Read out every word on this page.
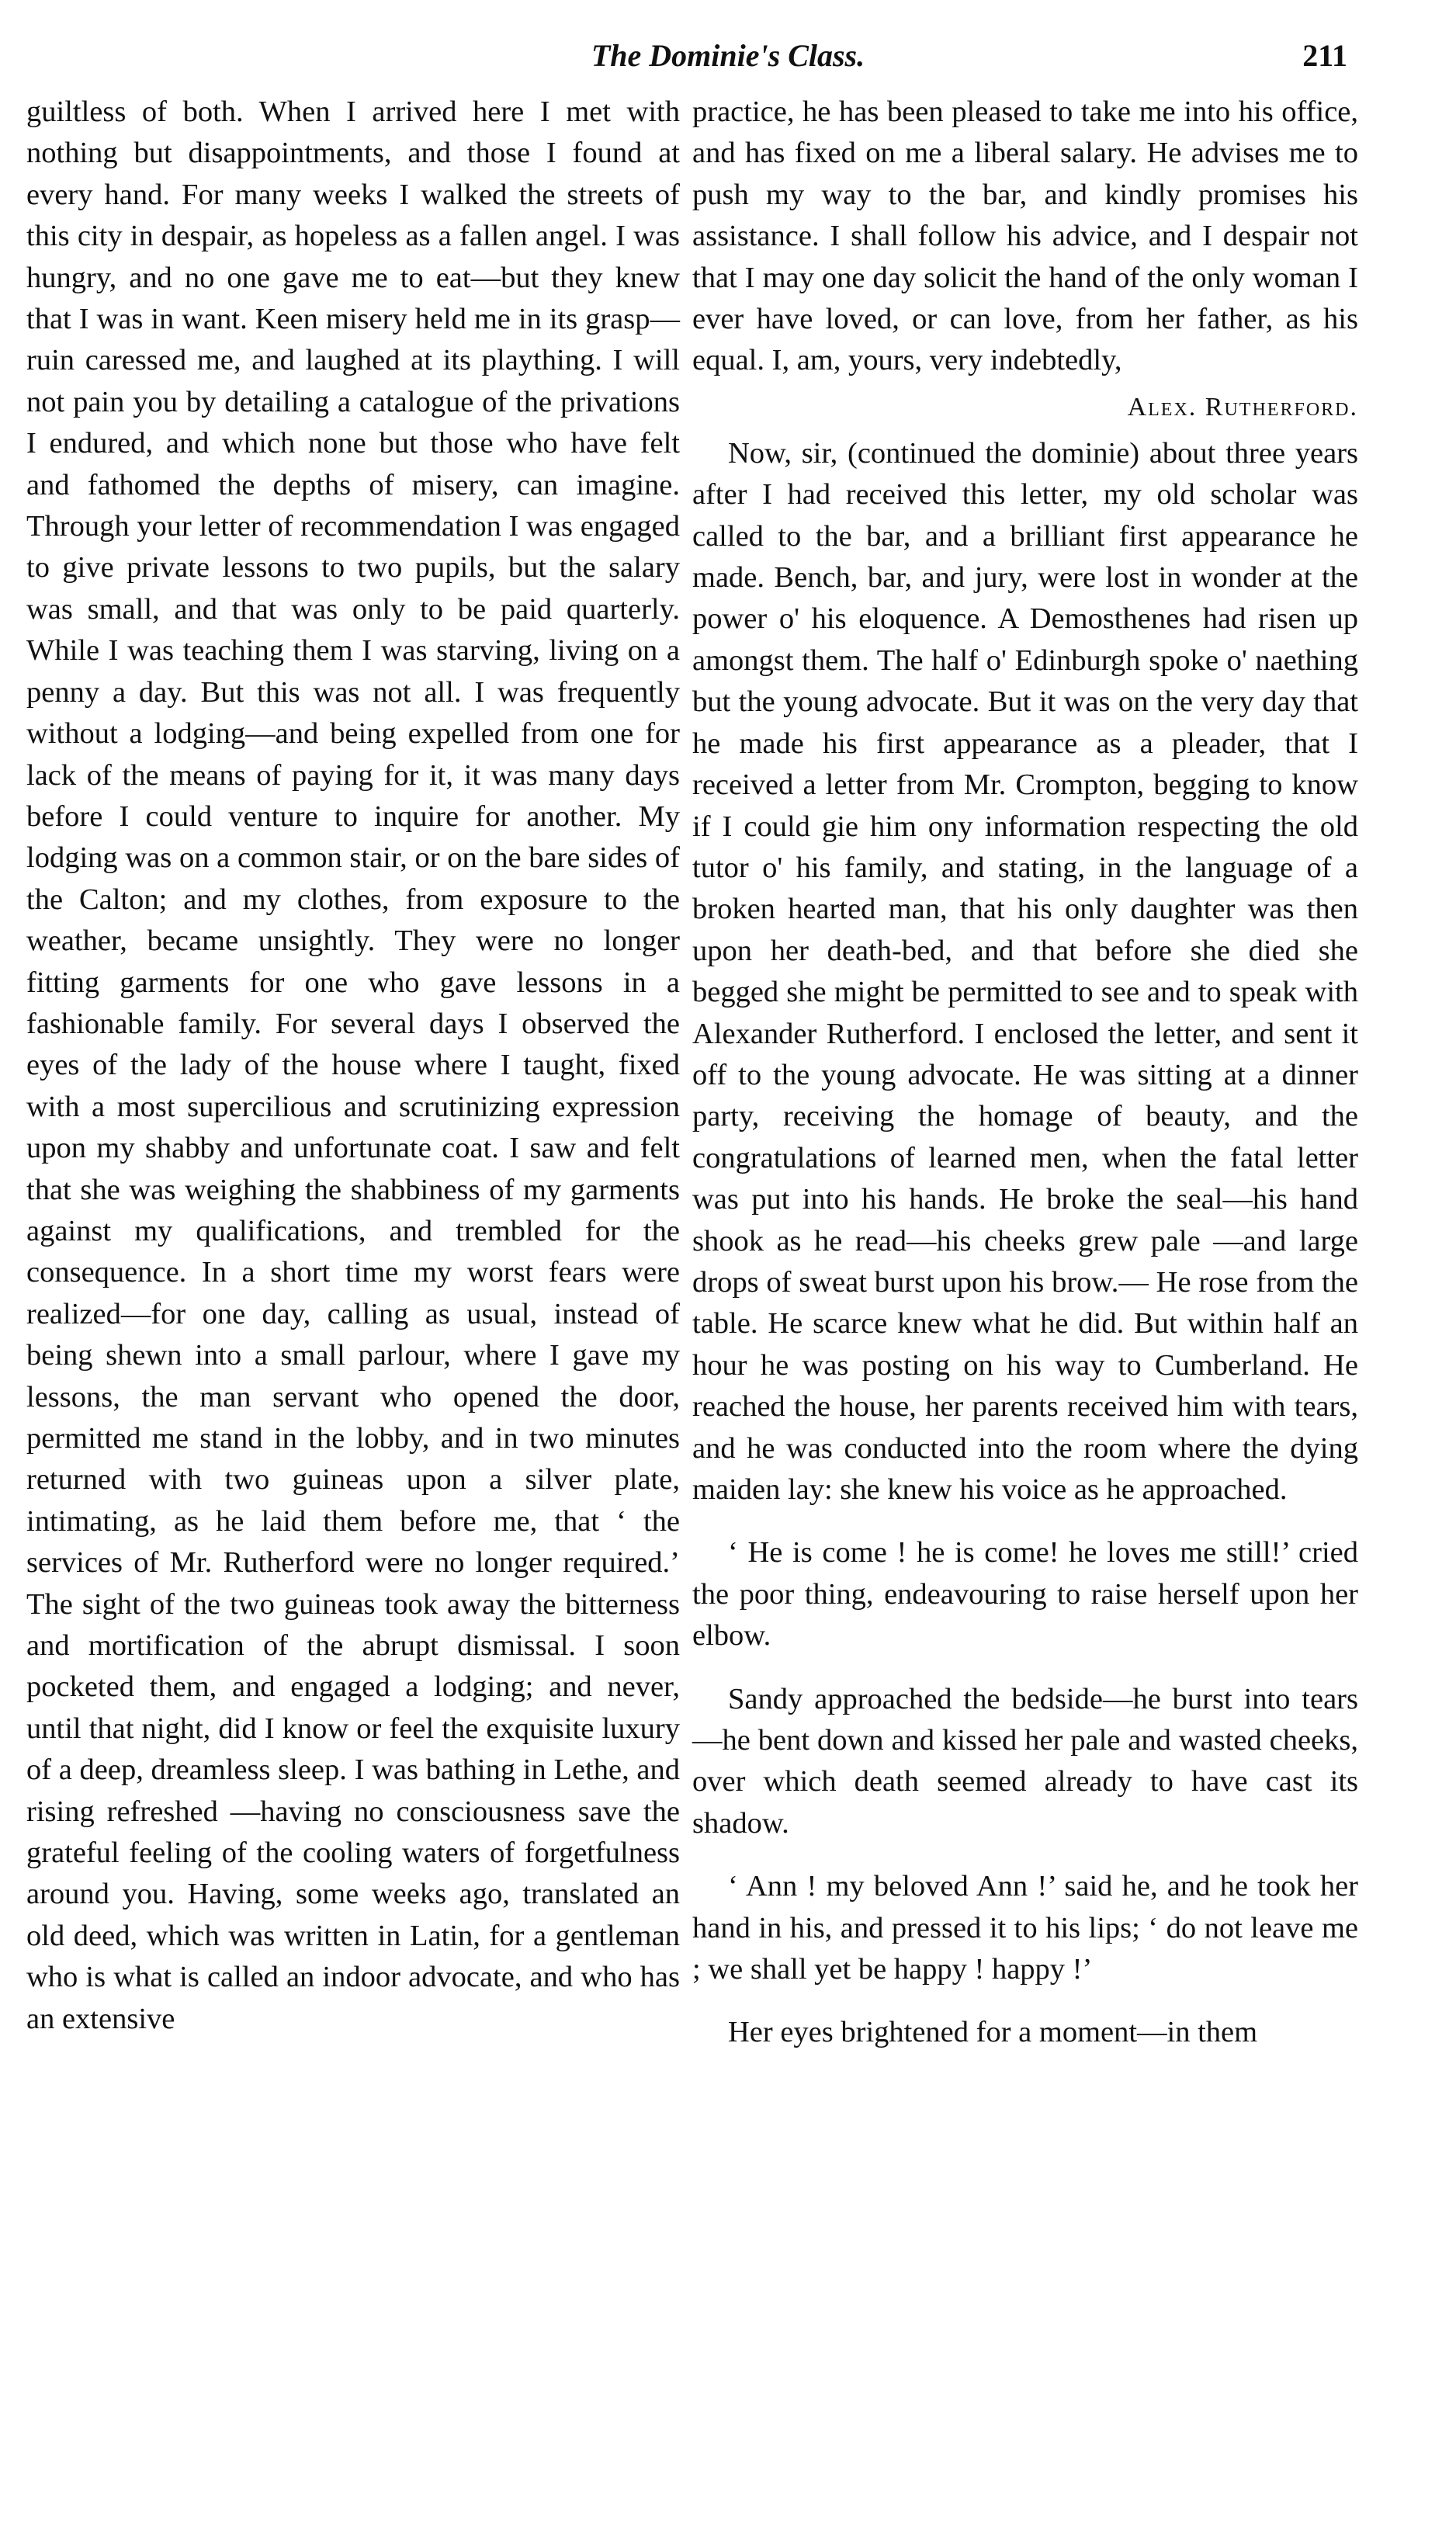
The Dominie's Class.	211

guiltless of both. When I arrived here I met with nothing but disappointments, and those I found at every hand. For many weeks I walked the streets of this city in despair, as hopeless as a fallen angel. I was hungry, and no one gave me to eat—but they knew that I was in want. Keen misery held me in its grasp—ruin caressed me, and laughed at its plaything. I will not pain you by detailing a catalogue of the privations I endured, and which none but those who have felt and fathomed the depths of misery, can imagine. Through your letter of recommendation I was engaged to give private lessons to two pupils, but the salary was small, and that was only to be paid quarterly. While I was teaching them I was starving, living on a penny a day. But this was not all. I was frequently without a lodging—and being expelled from one for lack of the means of paying for it, it was many days before I could venture to inquire for another. My lodging was on a common stair, or on the bare sides of the Calton; and my clothes, from exposure to the weather, became unsightly. They were no longer fitting garments for one who gave lessons in a fashionable family. For several days I observed the eyes of the lady of the house where I taught, fixed with a most supercilious and scrutinizing expression upon my shabby and unfortunate coat. I saw and felt that she was weighing the shabbiness of my garments against my qualifications, and trembled for the consequence. In a short time my worst fears were realized—for one day, calling as usual, instead of being shewn into a small parlour, where I gave my lessons, the man servant who opened the door, permitted me stand in the lobby, and in two minutes returned with two guineas upon a silver plate, intimating, as he laid them before me, that ‘ the services of Mr. Rutherford were no longer required.’ The sight of the two guineas took away the bitterness and mortification of the abrupt dismissal. I soon pocketed them, and engaged a lodging; and never, until that night, did I know or feel the exquisite luxury of a deep, dreamless sleep. I was bathing in Lethe, and rising refreshed —having no consciousness save the grateful feeling of the cooling waters of forgetfulness around you. Having, some weeks ago, translated an old deed, which was written in Latin, for a gentleman who is what is called an indoor advocate, and who has an extensive

practice, he has been pleased to take me into his office, and has fixed on me a liberal salary. He advises me to push my way to the bar, and kindly promises his assistance. I shall follow his advice, and I despair not that I may one day solicit the hand of the only woman I ever have loved, or can love, from her father, as his equal. I, am, yours, very indebtedly,

Alex. Rutherford.

Now, sir, (continued the dominie) about three years after I had received this letter, my old scholar was called to the bar, and a brilliant first appearance he made. Bench, bar, and jury, were lost in wonder at the power o' his eloquence. A Demosthenes had risen up amongst them. The half o' Edinburgh spoke o' naething but the young advocate. But it was on the very day that he made his first appearance as a pleader, that I received a letter from Mr. Crompton, begging to know if I could gie him ony information respecting the old tutor o' his family, and stating, in the language of a broken hearted man, that his only daughter was then upon her death-bed, and that before she died she begged she might be permitted to see and to speak with Alexander Rutherford. I enclosed the letter, and sent it off to the young advocate. He was sitting at a dinner party, receiving the homage of beauty, and the congratulations of learned men, when the fatal letter was put into his hands. He broke the seal—his hand shook as he read—his cheeks grew pale —and large drops of sweat burst upon his brow.— He rose from the table. He scarce knew what he did. But within half an hour he was posting on his way to Cumberland. He reached the house, her parents received him with tears, and he was conducted into the room where the dying maiden lay: she knew his voice as he approached.

‘ He is come ! he is come! he loves me still!’ cried the poor thing, endeavouring to raise herself upon her elbow.

Sandy approached the bedside—he burst into tears—he bent down and kissed her pale and wasted cheeks, over which death seemed already to have cast its shadow.

‘ Ann ! my beloved Ann !’ said he, and he took her hand in his, and pressed it to his lips; ‘ do not leave me ; we shall yet be happy ! happy !’

Her eyes brightened for a moment—in them
